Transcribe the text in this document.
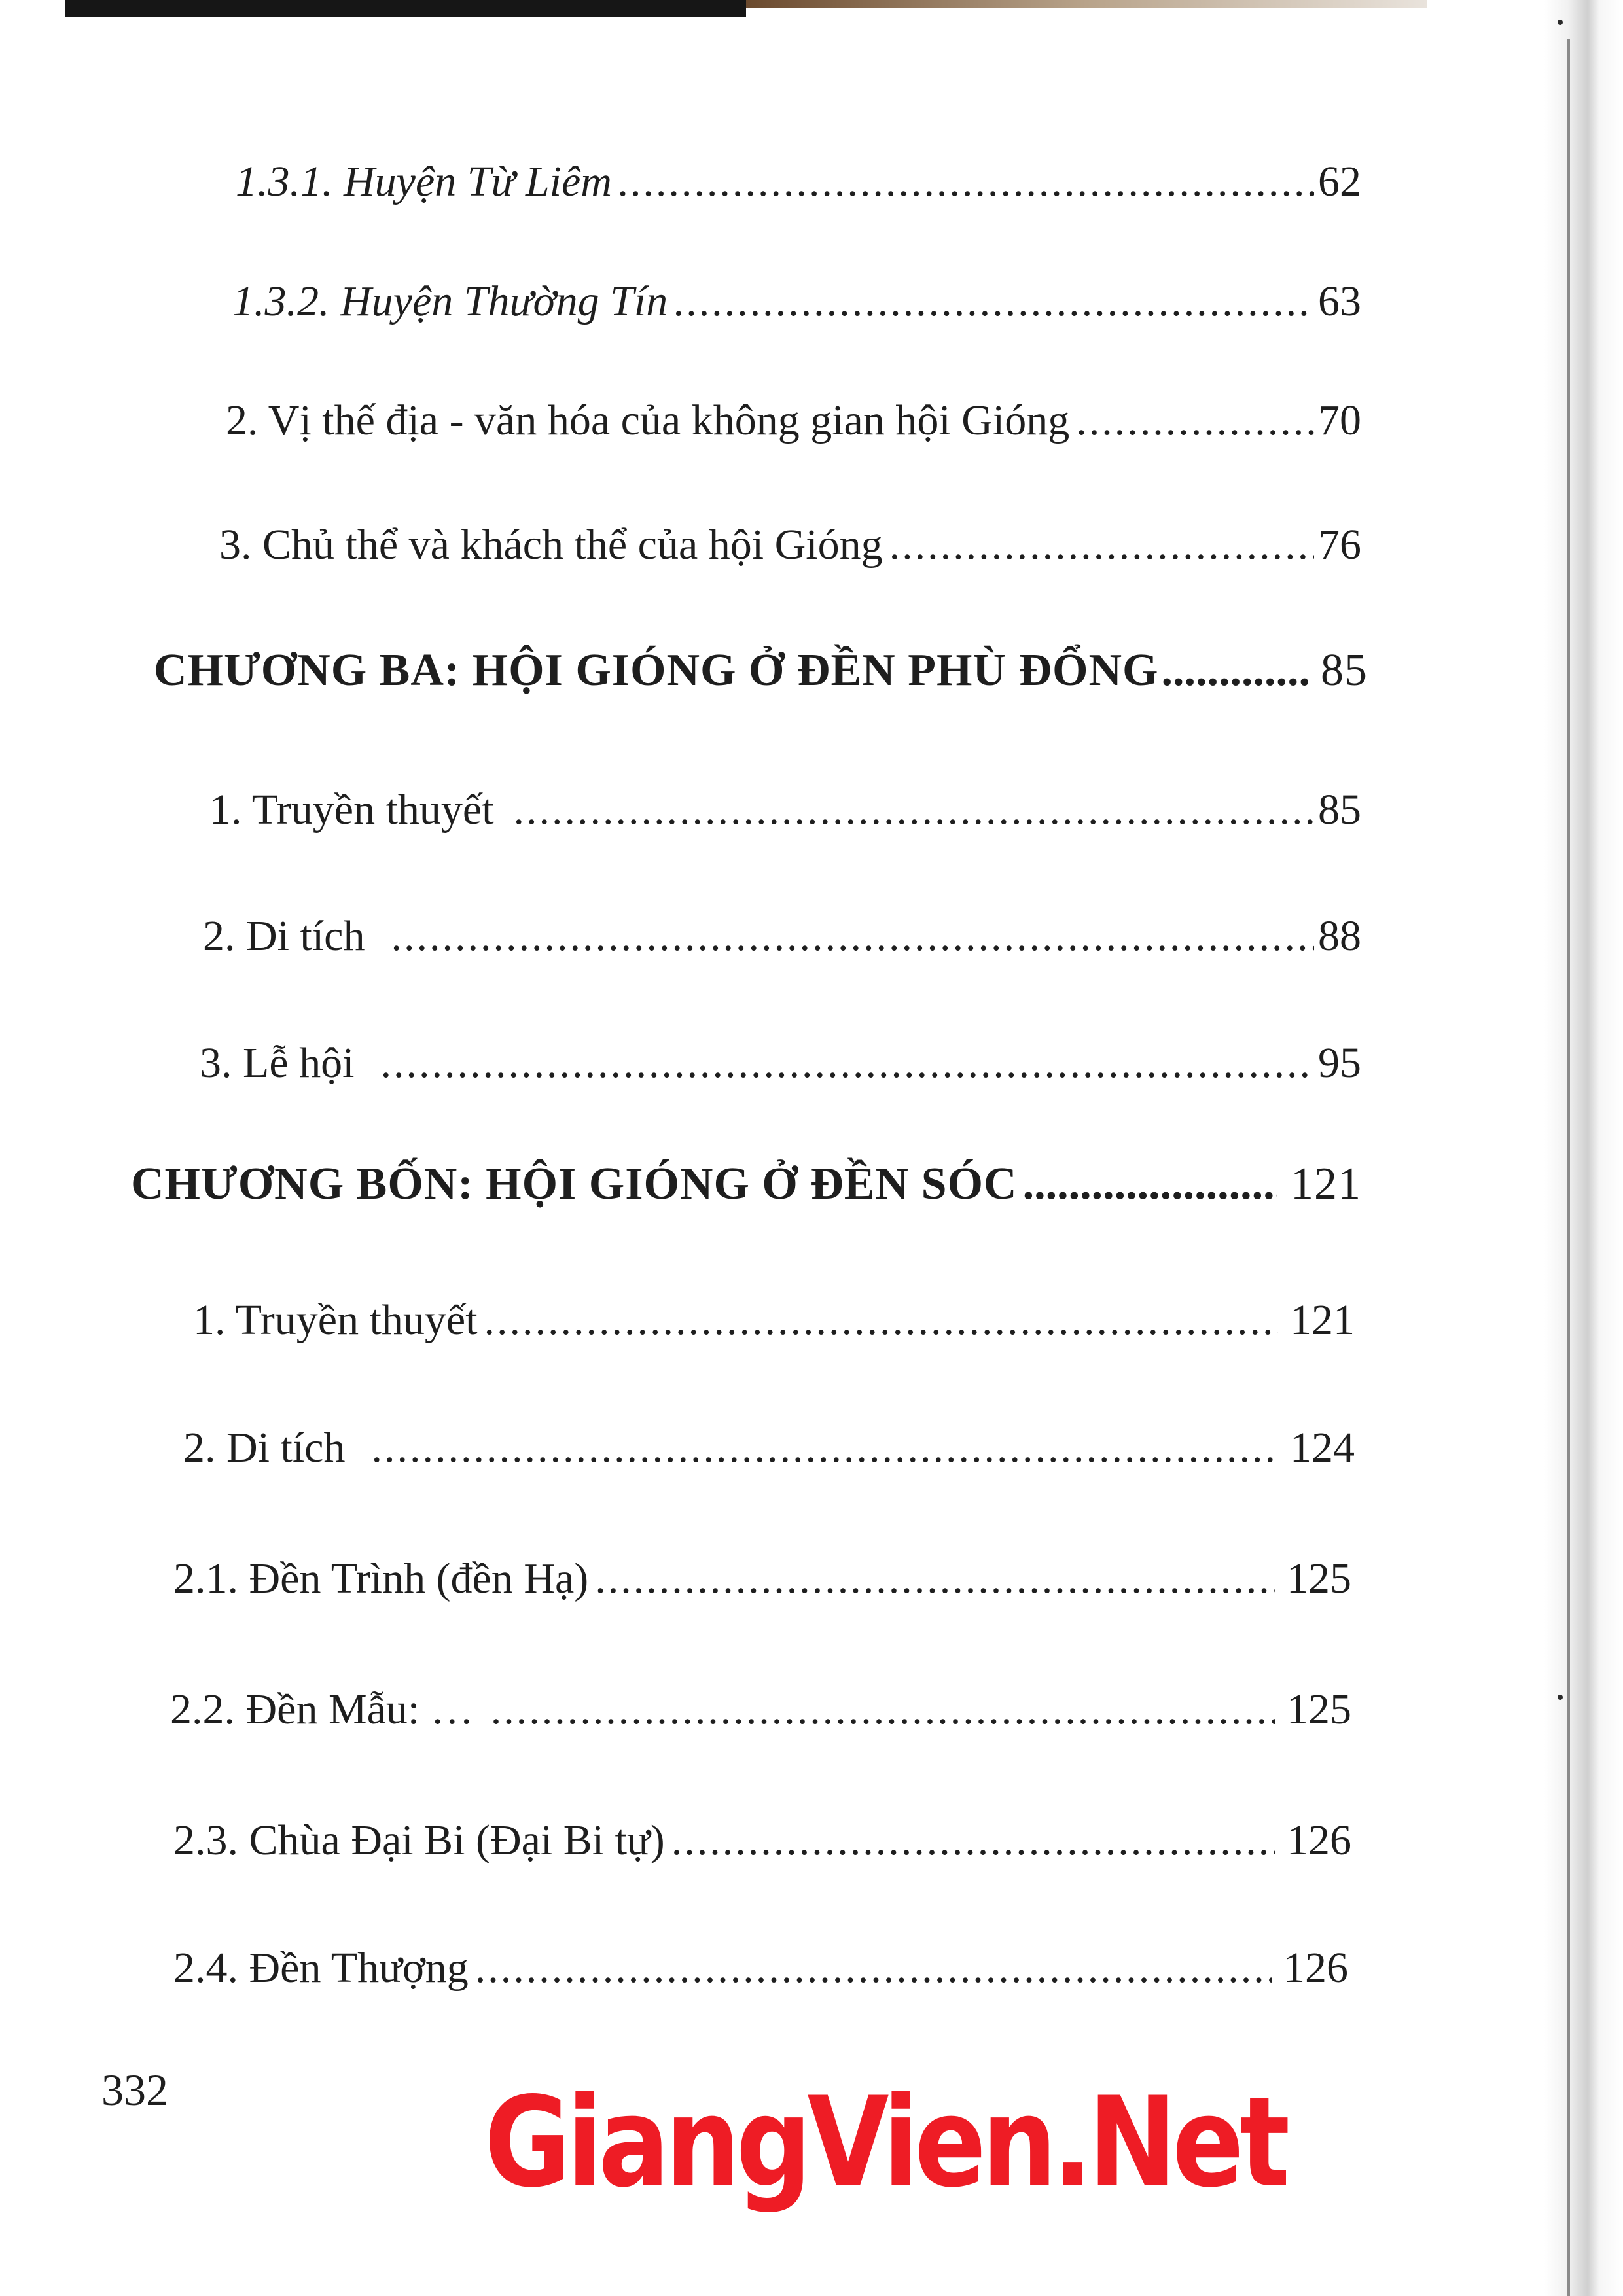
1.3.1. Huyện Từ Liêm .....	62
1.3.2. Huyện Thường Tín .....	63
2. Vị thế địa - văn hóa của không gian hội Gióng .....	70
3. Chủ thể và khách thể của hội Gióng .....	76
CHƯƠNG BA: HỘI GIÓNG Ở ĐỀN PHÙ ĐỔNG .....	85
1. Truyền thuyết .....	85
2. Di tích .....	88
3. Lễ hội .....	95
CHƯƠNG BỐN: HỘI GIÓNG Ở ĐỀN SÓC .....	121
1. Truyền thuyết .....	121
2. Di tích .....	124
2.1. Đền Trình (đền Hạ) .....	125
2.2. Đền Mẫu: … .....	125
2.3. Chùa Đại Bi (Đại Bi tự) .....	126
2.4. Đền Thượng .....	126
332	GiangVien.Net
